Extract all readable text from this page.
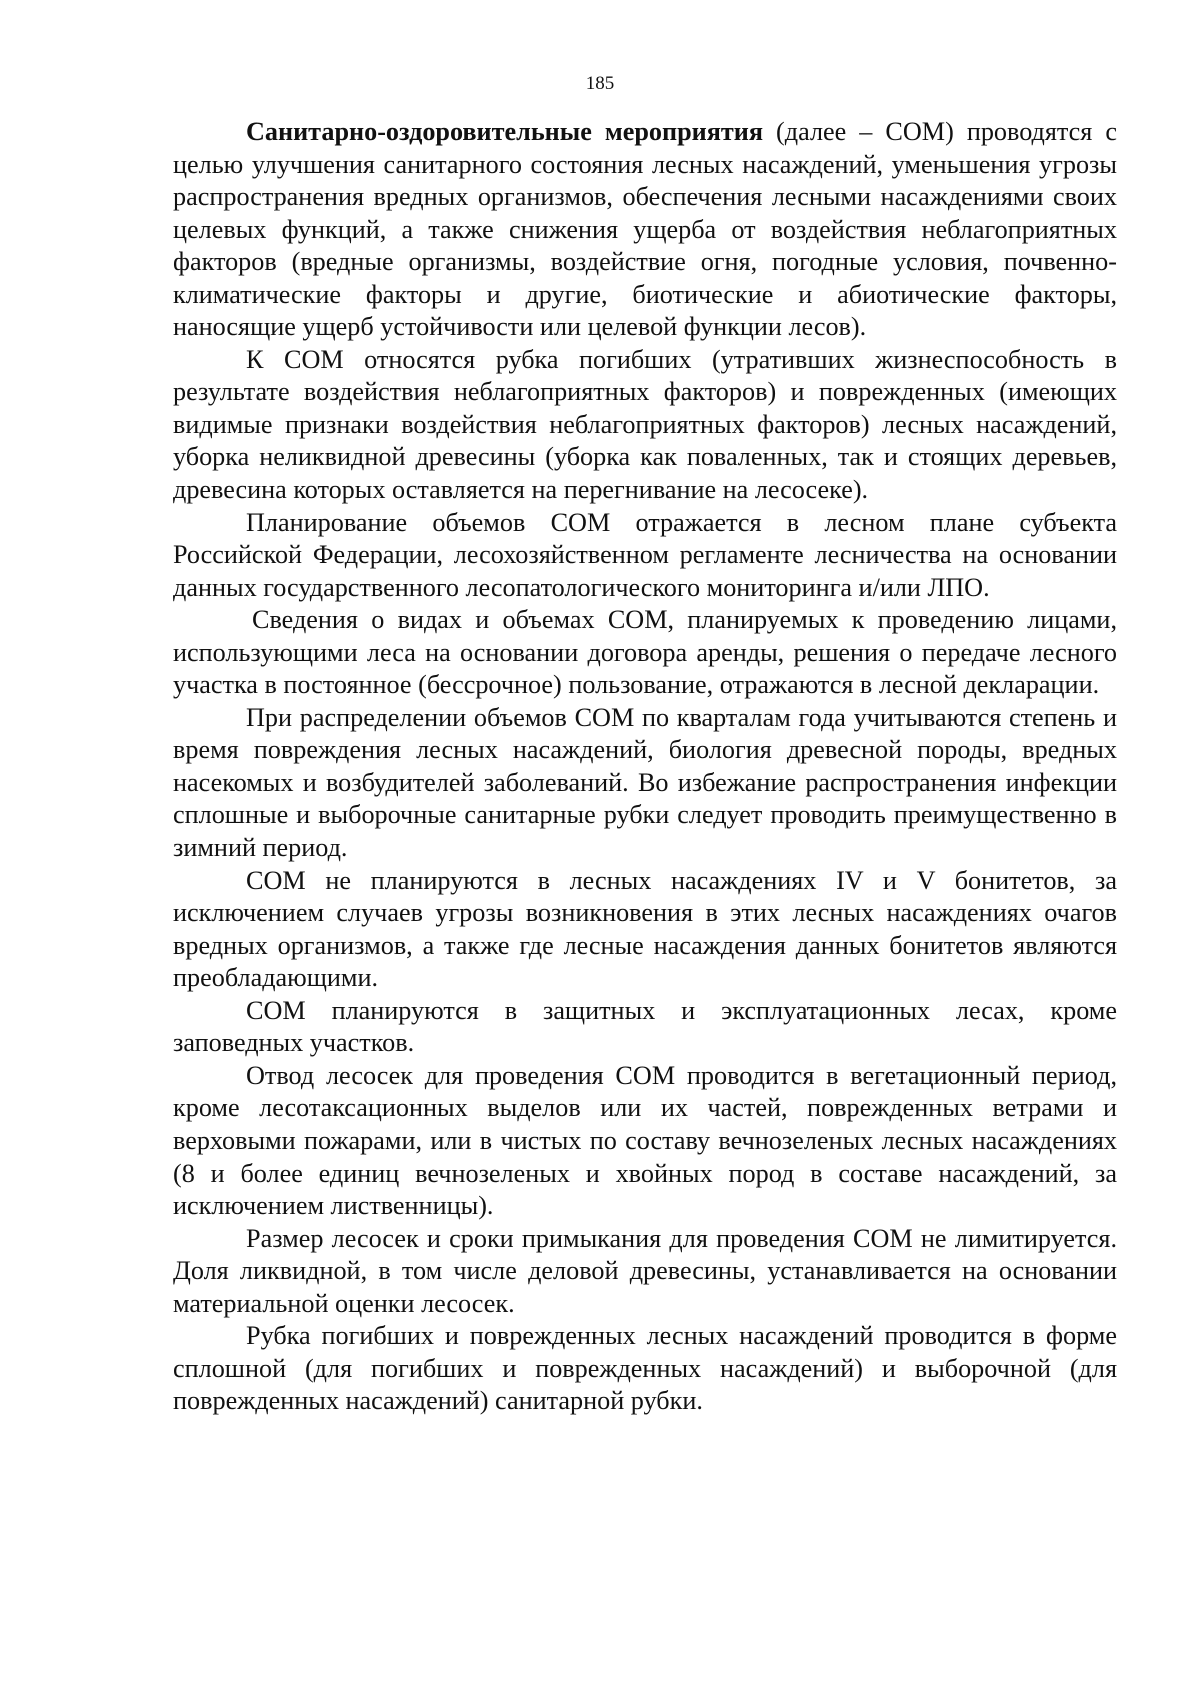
185

Санитарно-оздоровительные мероприятия (далее – СОМ) проводятся с целью улучшения санитарного состояния лесных насаждений, уменьшения угрозы распространения вредных организмов, обеспечения лесными насаждениями своих целевых функций, а также снижения ущерба от воздействия неблагоприятных факторов (вредные организмы, воздействие огня, погодные условия, почвенно-климатические факторы и другие, биотические и абиотические факторы, наносящие ущерб устойчивости или целевой функции лесов).

К СОМ относятся рубка погибших (утративших жизнеспособность в результате воздействия неблагоприятных факторов) и поврежденных (имеющих видимые признаки воздействия неблагоприятных факторов) лесных насаждений, уборка неликвидной древесины (уборка как поваленных, так и стоящих деревьев, древесина которых оставляется на перегнивание на лесосеке).

Планирование объемов СОМ отражается в лесном плане субъекта Российской Федерации, лесохозяйственном регламенте лесничества на основании данных государственного лесопатологического мониторинга и/или ЛПО.

Сведения о видах и объемах СОМ, планируемых к проведению лицами, использующими леса на основании договора аренды, решения о передаче лесного участка в постоянное (бессрочное) пользование, отражаются в лесной декларации.

При распределении объемов СОМ по кварталам года учитываются степень и время повреждения лесных насаждений, биология древесной породы, вредных насекомых и возбудителей заболеваний. Во избежание распространения инфекции сплошные и выборочные санитарные рубки следует проводить преимущественно в зимний период.

СОМ не планируются в лесных насаждениях IV и V бонитетов, за исключением случаев угрозы возникновения в этих лесных насаждениях очагов вредных организмов, а также где лесные насаждения данных бонитетов являются преобладающими.

СОМ планируются в защитных и эксплуатационных лесах, кроме заповедных участков.

Отвод лесосек для проведения СОМ проводится в вегетационный период, кроме лесотаксационных выделов или их частей, поврежденных ветрами и верховыми пожарами, или в чистых по составу вечнозеленых лесных насаждениях (8 и более единиц вечнозеленых и хвойных пород в составе насаждений, за исключением лиственницы).

Размер лесосек и сроки примыкания для проведения СОМ не лимитируется. Доля ликвидной, в том числе деловой древесины, устанавливается на основании материальной оценки лесосек.

Рубка погибших и поврежденных лесных насаждений проводится в форме сплошной (для погибших и поврежденных насаждений) и выборочной (для поврежденных насаждений) санитарной рубки.
